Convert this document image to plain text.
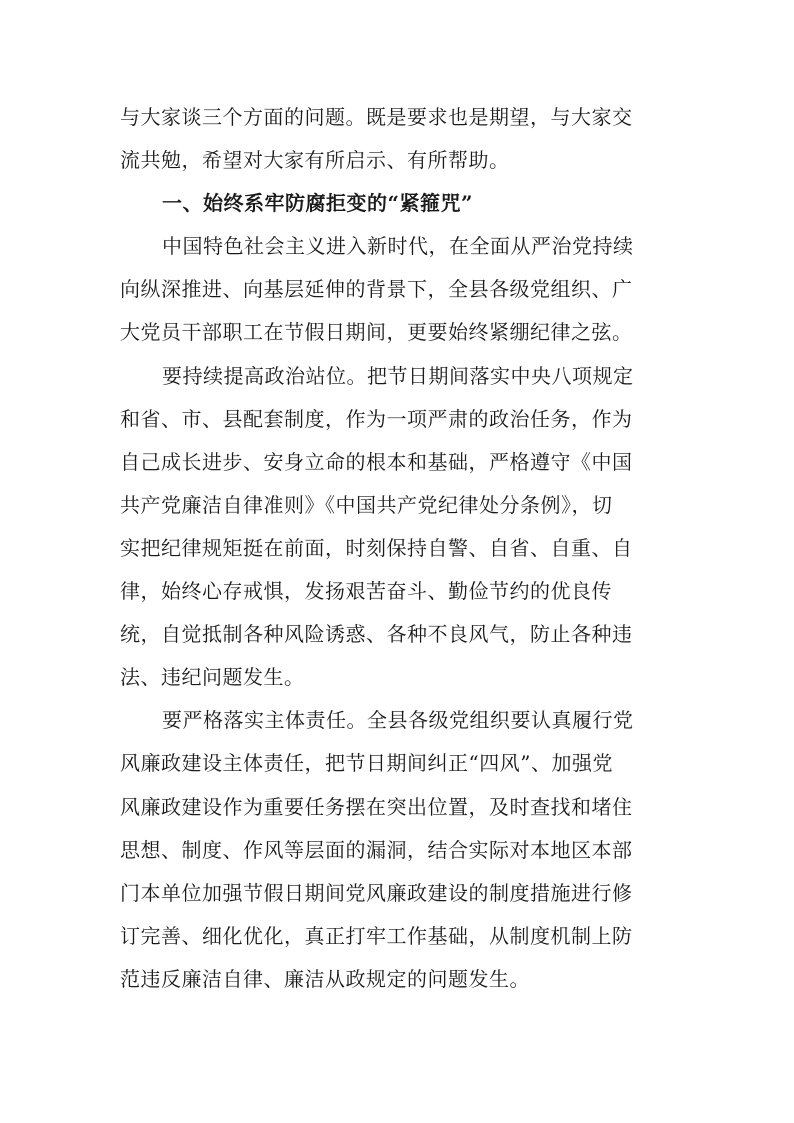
与大家谈三个方面的问题。既是要求也是期望，与大家交
流共勉，希望对大家有所启示、有所帮助。
一、始终系牢防腐拒变的“紧箍咒”
中国特色社会主义进入新时代，在全面从严治党持续
向纵深推进、向基层延伸的背景下，全县各级党组织、广
大党员干部职工在节假日期间，更要始终紧绷纪律之弦。
要持续提高政治站位。把节日期间落实中央八项规定
和省、市、县配套制度，作为一项严肃的政治任务，作为
自己成长进步、安身立命的根本和基础，严格遵守《中国
共产党廉洁自律准则》《中国共产党纪律处分条例》，切
实把纪律规矩挺在前面，时刻保持自警、自省、自重、自
律，始终心存戒惧，发扬艰苦奋斗、勤俭节约的优良传
统，自觉抵制各种风险诱惑、各种不良风气，防止各种违
法、违纪问题发生。
要严格落实主体责任。全县各级党组织要认真履行党
风廉政建设主体责任，把节日期间纠正“四风”、加强党
风廉政建设作为重要任务摆在突出位置，及时查找和堵住
思想、制度、作风等层面的漏洞，结合实际对本地区本部
门本单位加强节假日期间党风廉政建设的制度措施进行修
订完善、细化优化，真正打牢工作基础，从制度机制上防
范违反廉洁自律、廉洁从政规定的问题发生。
